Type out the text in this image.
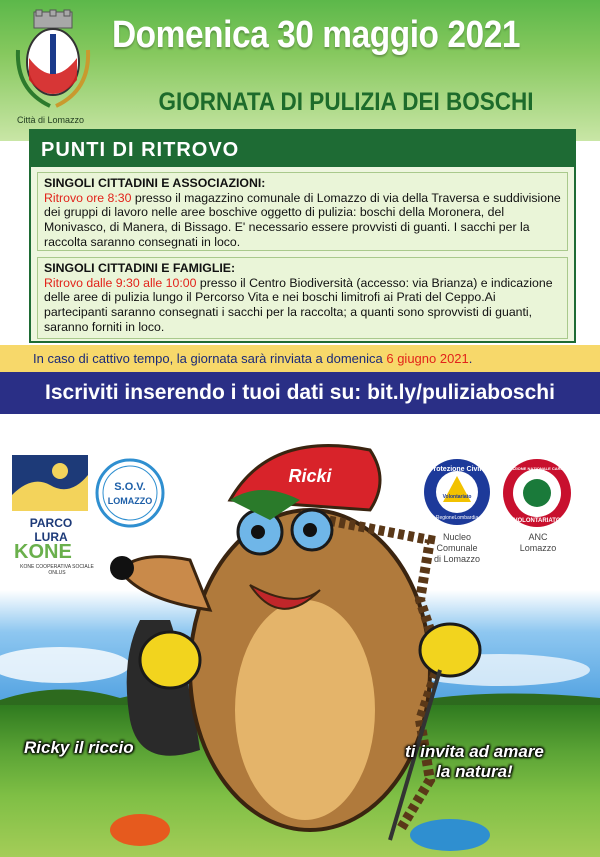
Città di Lomazzo
Domenica 30 maggio 2021
GIORNATA DI PULIZIA DEI BOSCHI
PUNTI DI RITROVO
SINGOLI CITTADINI E ASSOCIAZIONI:
Ritrovo ore 8:30 presso il magazzino comunale di Lomazzo di via della Traversa e suddivisione dei gruppi di lavoro nelle aree boschive oggetto di pulizia: boschi della Moronera, del Monivasco, di Manera, di Bissago. E' necessario essere provvisti di guanti. I sacchi per la raccolta saranno consegnati in loco.
SINGOLI CITTADINI E FAMIGLIE:
Ritrovo dalle 9:30 alle 10:00 presso il Centro Biodiversità (accesso: via Brianza) e indicazione delle aree di pulizia lungo il Percorso Vita e nei boschi limitrofi ai Prati del Ceppo.Ai partecipanti saranno consegnati i sacchi per la raccolta; a quanti sono sprovvisti di guanti, saranno forniti in loco.
In caso di cattivo tempo, la giornata sarà rinviata a domenica 6 giugno 2021.
Iscriviti inserendo i tuoi dati su: bit.ly/puliziaboschi
PARCO LURA
KONE
KONE COOPERATIVA SOCIALE ONLUS
S.O.V.
LOMAZZO
Protezione Civile
Volontariato
RegioneLombardia
Nucleo
Comunale
di Lomazzo
ASSOCIAZIONE NAZIONALE CARABINIERI
VOLONTARIATO
ANC
Lomazzo
Ricki
Ricky il riccio	ti invita ad amare
la natura!
